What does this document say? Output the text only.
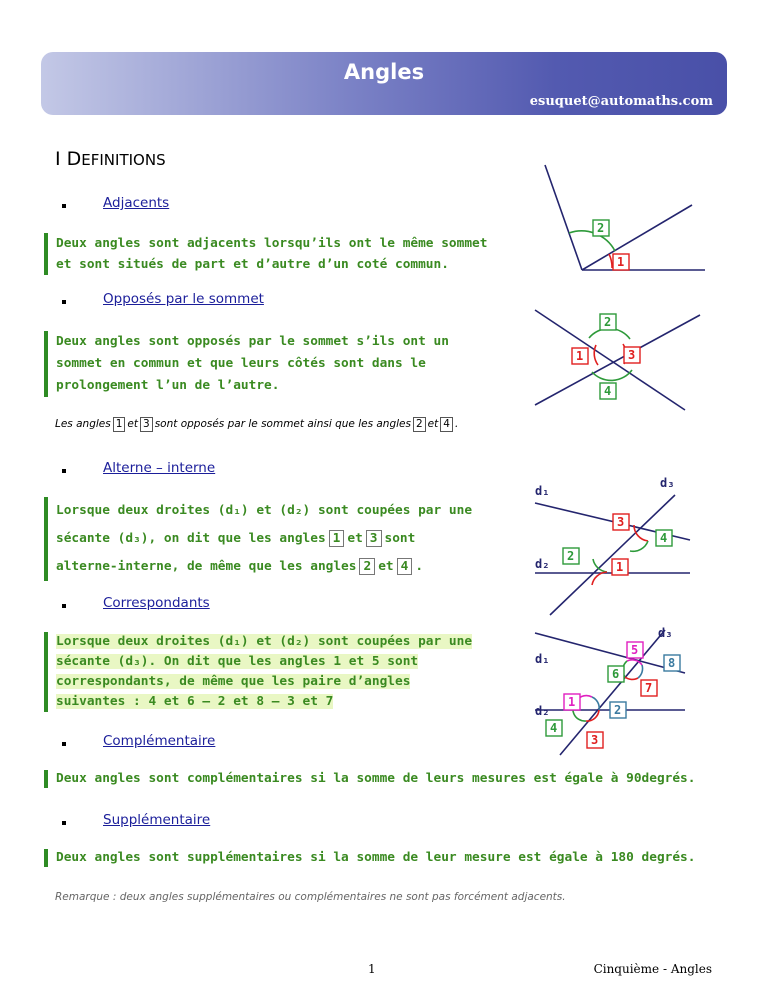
Angles
esuquet@automaths.com
I DEFINITIONS
Adjacents

Deux angles sont adjacents lorsqu’ils ont le même sommet

et sont situés de part et d’autre d’un coté commun.

2
1
Opposés par le sommet

Deux angles sont opposés par le sommet s’ils ont un

sommet en commun et que leurs côtés sont dans le

prolongement l’un de l’autre.

2
1	3
4
Les angles 1 et 3 sont opposés par le sommet ainsi que les angles 2 et 4 .
Alterne – interne

Lorsque deux droites (d₁) et (d₂) sont coupées par une

sécante (d₃), on dit que les angles 1 et 3 sont

alterne-interne, de même que les angles 2 et 4 .

d₁
d₂
d₃
3
4
2
1
Correspondants

Lorsque deux droites (d₁) et (d₂) sont coupées par une

sécante (d₃). On dit que les angles 1 et 5 sont

correspondants, de même que les paire d’angles

suivantes : 4 et 6 – 2 et 8 – 3 et 7

d₁
d₂
d₃
5
8
6
7
1
2
4
3
Complémentaire

Deux angles sont complémentaires si la somme de leurs mesures est égale à 90degrés.

Supplémentaire

Deux angles sont supplémentaires si la somme de leur mesure est égale à 180 degrés.

Remarque : deux angles supplémentaires ou complémentaires ne sont pas forcément adjacents.
1	Cinquième - Angles
